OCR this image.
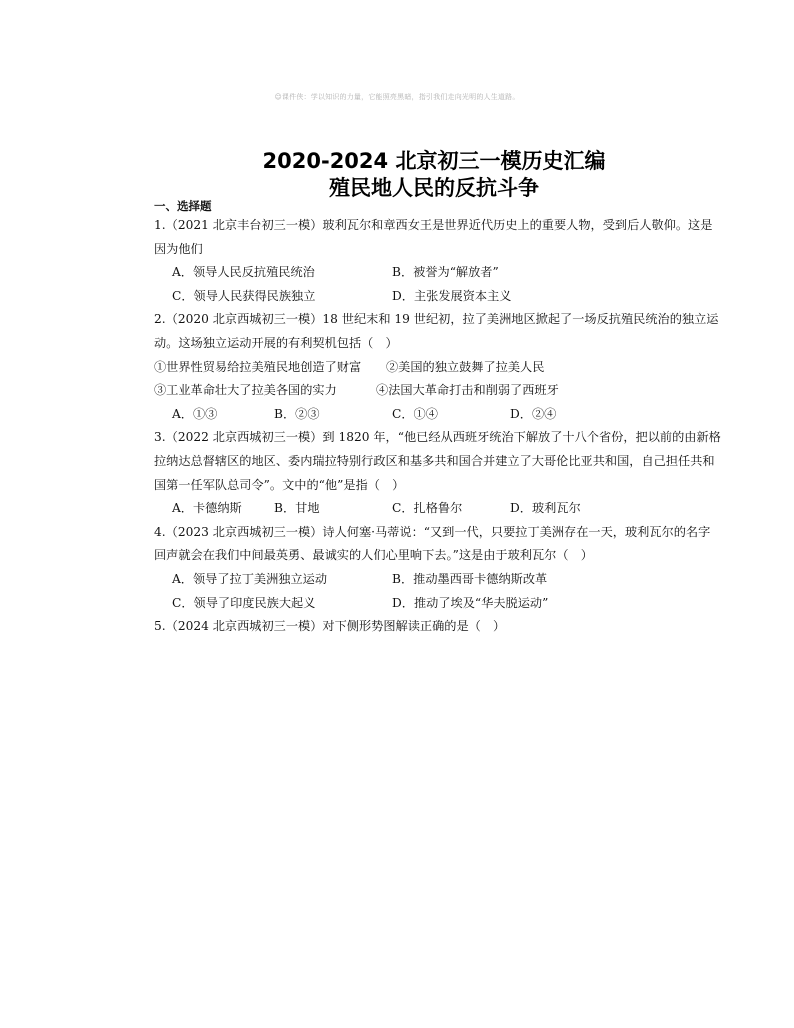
☺课件侠：学以知识的力量，它能照亮黑暗，指引我们走向光明的人生道路。
2020-2024 北京初三一模历史汇编
殖民地人民的反抗斗争
一、选择题
1.（2021 北京丰台初三一模）玻利瓦尔和章西女王是世界近代历史上的重要人物，受到后人敬仰。这是因为他们
A．领导人民反抗殖民统治	B．被誉为“解放者”
C．领导人民获得民族独立	D．主张发展资本主义
2.（2020 北京西城初三一模）18 世纪末和 19 世纪初，拉了美洲地区掀起了一场反抗殖民统治的独立运动。这场独立运动开展的有利契机包括（　）
①世界性贸易给拉美殖民地创造了财富 ②美国的独立鼓舞了拉美人民
③工业革命壮大了拉美各国的实力	④法国大革命打击和削弱了西班牙
A．①③	B．②③	C．①④	D．②④
3.（2022 北京西城初三一模）到 1820 年，“他已经从西班牙统治下解放了十八个省份，把以前的由新格拉纳达总督辖区的地区、委内瑞拉特别行政区和基多共和国合并建立了大哥伦比亚共和国，自己担任共和国第一任军队总司令”。文中的“他”是指（　）
A．卡德纳斯	B．甘地	C．扎格鲁尔	D．玻利瓦尔
4.（2023 北京西城初三一模）诗人何塞·马蒂说：“又到一代，只要拉丁美洲存在一天，玻利瓦尔的名字回声就会在我们中间最英勇、最诚实的人们心里响下去。”这是由于玻利瓦尔（　）
A．领导了拉丁美洲独立运动	B．推动墨西哥卡德纳斯改革
C．领导了印度民族大起义	D．推动了埃及“华夫脱运动”
5.（2024 北京西城初三一模）对下侧形势图解读正确的是（　）
